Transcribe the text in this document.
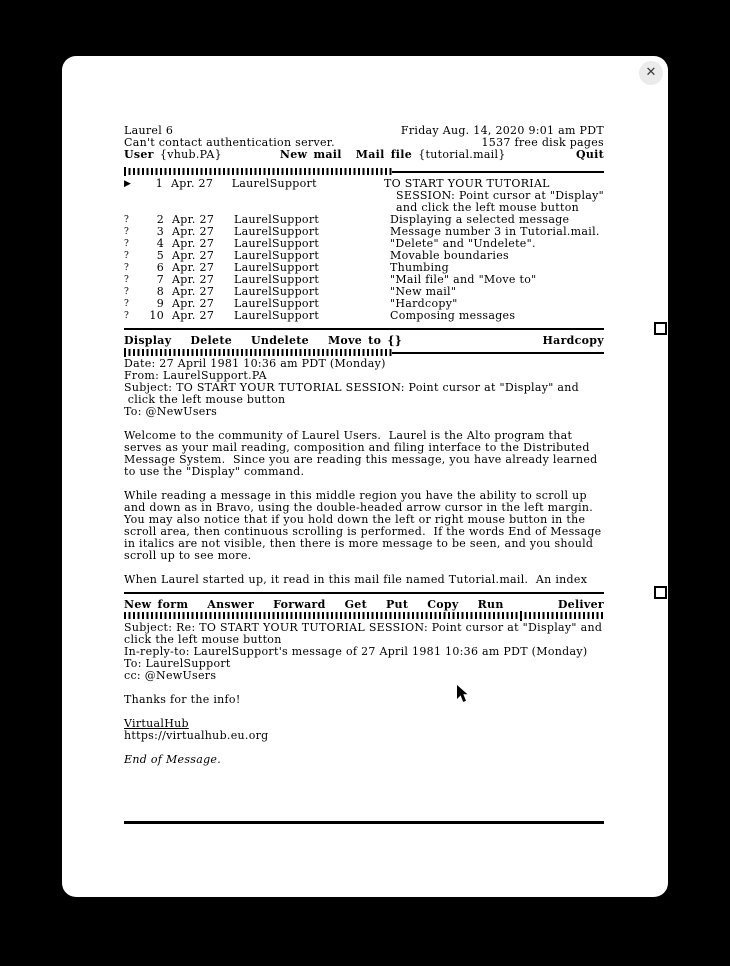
✕
Laurel 6	Friday Aug. 14, 2020 9:01 am PDT
Can't contact authentication server.	1537 free disk pages
User {vhub.PA}	New mail Mail file {tutorial.mail}	Quit
▶	1 Apr. 27	LaurelSupport	TO START YOUR TUTORIAL
SESSION: Point cursor at "Display"
and click the left mouse button
?	2 Apr. 27	LaurelSupport	Displaying a selected message
?	3 Apr. 27	LaurelSupport	Message number 3 in Tutorial.mail.
?	4 Apr. 27	LaurelSupport	"Delete" and "Undelete".
?	5 Apr. 27	LaurelSupport	Movable boundaries
?	6 Apr. 27	LaurelSupport	Thumbing
?	7 Apr. 27	LaurelSupport	"Mail file" and "Move to"
?	8 Apr. 27	LaurelSupport	"New mail"
?	9 Apr. 27	LaurelSupport	"Hardcopy"
?	10 Apr. 27	LaurelSupport	Composing messages
Display Delete Undelete Move to {}	Hardcopy
Date: 27 April 1981 10:36 am PDT (Monday)
From: LaurelSupport.PA
Subject: TO START YOUR TUTORIAL SESSION: Point cursor at "Display" and
click the left mouse button
To: @NewUsers
Welcome to the community of Laurel Users.  Laurel is the Alto program that
serves as your mail reading, composition and filing interface to the Distributed
Message System.  Since you are reading this message, you have already learned
to use the "Display" command.
While reading a message in this middle region you have the ability to scroll up
and down as in Bravo, using the double-headed arrow cursor in the left margin.
You may also notice that if you hold down the left or right mouse button in the
scroll area, then continuous scrolling is performed.  If the words End of Message
in italics are not visible, then there is more message to be seen, and you should
scroll up to see more.
When Laurel started up, it read in this mail file named Tutorial.mail.  An index
New form Answer Forward Get Put Copy Run	Deliver
Subject: Re: TO START YOUR TUTORIAL SESSION: Point cursor at "Display" and
click the left mouse button
In-reply-to: LaurelSupport's message of 27 April 1981 10:36 am PDT (Monday)
To: LaurelSupport
cc: @NewUsers
Thanks for the info!
VirtualHub
https://virtualhub.eu.org
End of Message.
